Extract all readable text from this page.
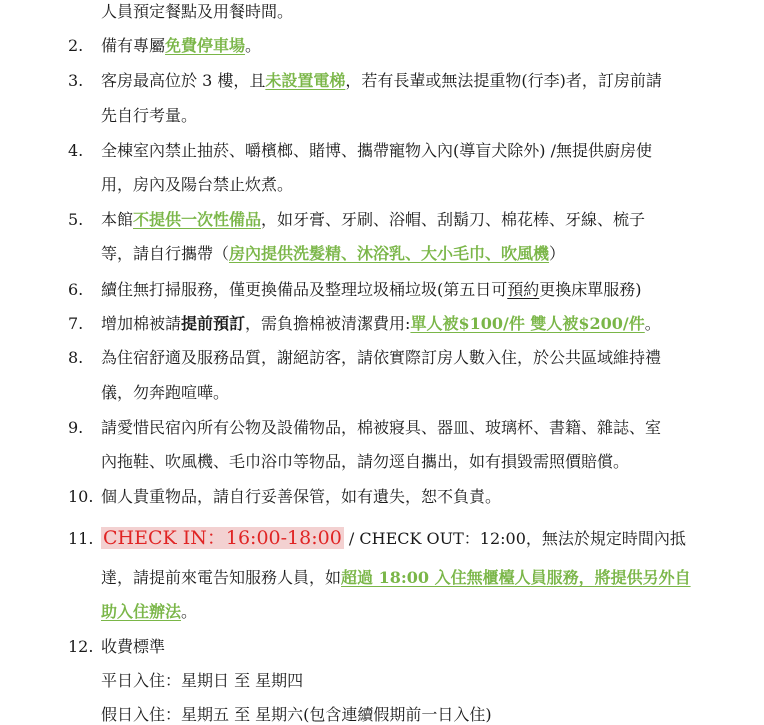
人員預定餐點及用餐時間。
2. 備有專屬免費停車場。
3. 客房最高位於 3 樓，且未設置電梯，若有長輩或無法提重物(行李)者，訂房前請
先自行考量。
4. 全棟室內禁止抽菸、嚼檳榔、賭博、攜帶寵物入內(導盲犬除外) /無提供廚房使
用，房內及陽台禁止炊煮。
5. 本館不提供一次性備品，如牙膏、牙刷、浴帽、刮鬍刀、棉花棒、牙線、梳子
等，請自行攜帶（房內提供洗髮精、沐浴乳、大小毛巾、吹風機）
6. 續住無打掃服務，僅更換備品及整理垃圾桶垃圾(第五日可預約更換床單服務)
7. 增加棉被請提前預訂，需負擔棉被清潔費用:單人被$100/件 雙人被$200/件。
8. 為住宿舒適及服務品質，謝絕訪客，請依實際訂房人數入住，於公共區域維持禮
儀，勿奔跑喧嘩。
9. 請愛惜民宿內所有公物及設備物品，棉被寢具、器皿、玻璃杯、書籍、雜誌、室
內拖鞋、吹風機、毛巾浴巾等物品，請勿逕自攜出，如有損毀需照價賠償。
10. 個人貴重物品，請自行妥善保管，如有遺失，恕不負責。
11. CHECK IN：16:00-18:00 / CHECK OUT：12:00，無法於規定時間內抵
達，請提前來電告知服務人員，如超過 18:00 入住無櫃檯人員服務，將提供另外自
助入住辦法。
12. 收費標準
平日入住：星期日 至 星期四
假日入住：星期五 至 星期六(包含連續假期前一日入住)
